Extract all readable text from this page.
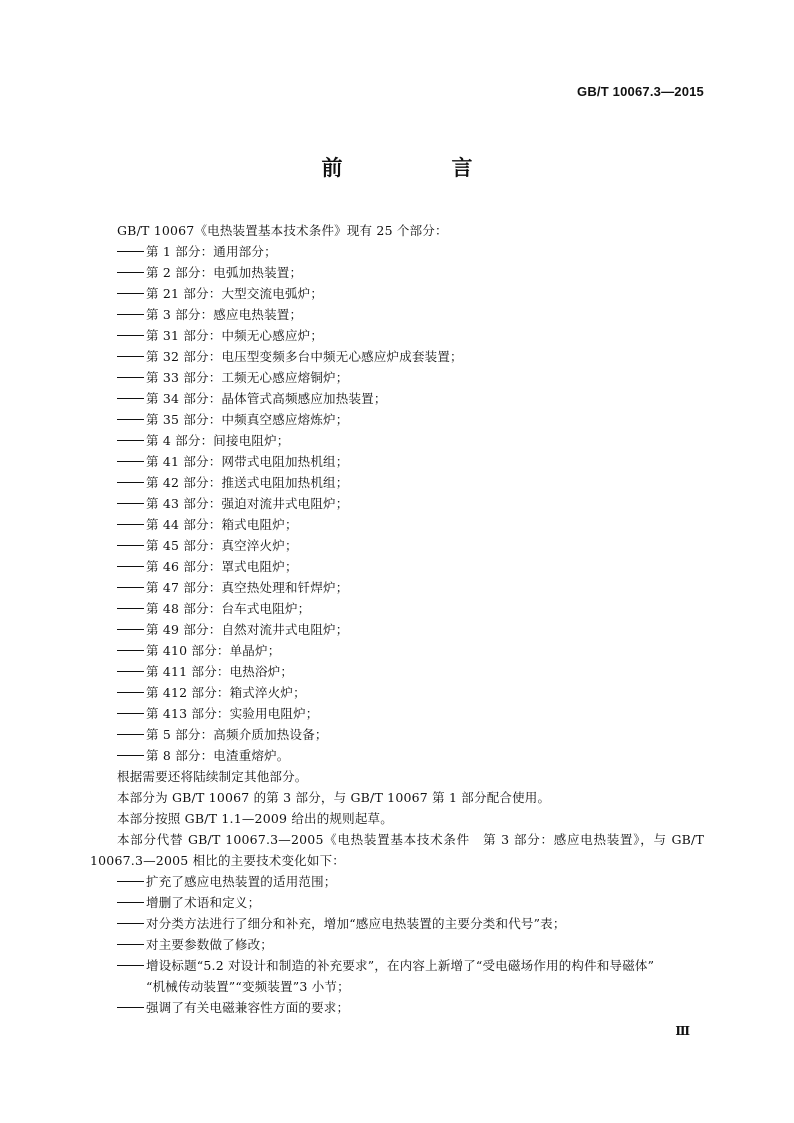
GB/T 10067.3—2015
前　言
GB/T 10067《电热装置基本技术条件》现有 25 个部分：
第 1 部分：通用部分；
第 2 部分：电弧加热装置；
第 21 部分：大型交流电弧炉；
第 3 部分：感应电热装置；
第 31 部分：中频无心感应炉；
第 32 部分：电压型变频多台中频无心感应炉成套装置；
第 33 部分：工频无心感应熔铜炉；
第 34 部分：晶体管式高频感应加热装置；
第 35 部分：中频真空感应熔炼炉；
第 4 部分：间接电阻炉；
第 41 部分：网带式电阻加热机组；
第 42 部分：推送式电阻加热机组；
第 43 部分：强迫对流井式电阻炉；
第 44 部分：箱式电阻炉；
第 45 部分：真空淬火炉；
第 46 部分：罩式电阻炉；
第 47 部分：真空热处理和钎焊炉；
第 48 部分：台车式电阻炉；
第 49 部分：自然对流井式电阻炉；
第 410 部分：单晶炉；
第 411 部分：电热浴炉；
第 412 部分：箱式淬火炉；
第 413 部分：实验用电阻炉；
第 5 部分：高频介质加热设备；
第 8 部分：电渣重熔炉。
根据需要还将陆续制定其他部分。
本部分为 GB/T 10067 的第 3 部分，与 GB/T 10067 第 1 部分配合使用。
本部分按照 GB/T 1.1—2009 给出的规则起草。
本部分代替 GB/T 10067.3—2005《电热装置基本技术条件　第 3 部分：感应电热装置》，与 GB/T 10067.3—2005 相比的主要技术变化如下：
扩充了感应电热装置的适用范围；
增删了术语和定义；
对分类方法进行了细分和补充，增加“感应电热装置的主要分类和代号”表；
对主要参数做了修改；
增设标题“5.2 对设计和制造的补充要求”，在内容上新增了“受电磁场作用的构件和导磁体”
“机械传动装置”“变频装置”3 小节；
强调了有关电磁兼容性方面的要求；
Ⅲ
